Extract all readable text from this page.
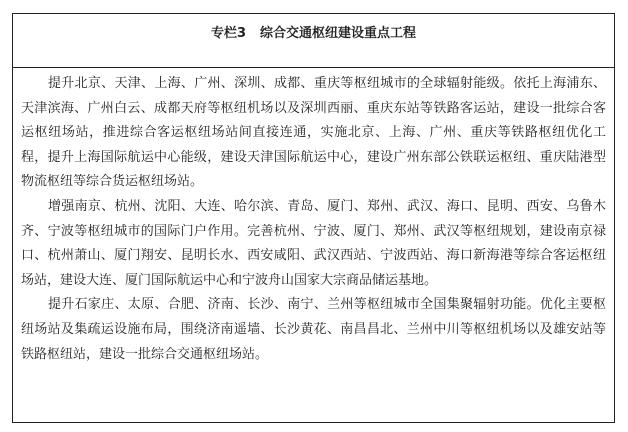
专栏3 综合交通枢纽建设重点工程
提升北京、天津、上海、广州、深圳、成都、重庆等枢纽城市的全球辐射能级。依托上海浦东、
天津滨海、广州白云、成都天府等枢纽机场以及深圳西丽、重庆东站等铁路客运站，建设一批综合客
运枢纽场站，推进综合客运枢纽场站间直接连通，实施北京、上海、广州、重庆等铁路枢纽优化工
程，提升上海国际航运中心能级，建设天津国际航运中心，建设广州东部公铁联运枢纽、重庆陆港型
物流枢纽等综合货运枢纽场站。
增强南京、杭州、沈阳、大连、哈尔滨、青岛、厦门、郑州、武汉、海口、昆明、西安、乌鲁木
齐、宁波等枢纽城市的国际门户作用。完善杭州、宁波、厦门、郑州、武汉等枢纽规划，建设南京禄
口、杭州萧山、厦门翔安、昆明长水、西安咸阳、武汉西站、宁波西站、海口新海港等综合客运枢纽
场站，建设大连、厦门国际航运中心和宁波舟山国家大宗商品储运基地。
提升石家庄、太原、合肥、济南、长沙、南宁、兰州等枢纽城市全国集聚辐射功能。优化主要枢
纽场站及集疏运设施布局，围绕济南遥墙、长沙黄花、南昌昌北、兰州中川等枢纽机场以及雄安站等
铁路枢纽站，建设一批综合交通枢纽场站。
